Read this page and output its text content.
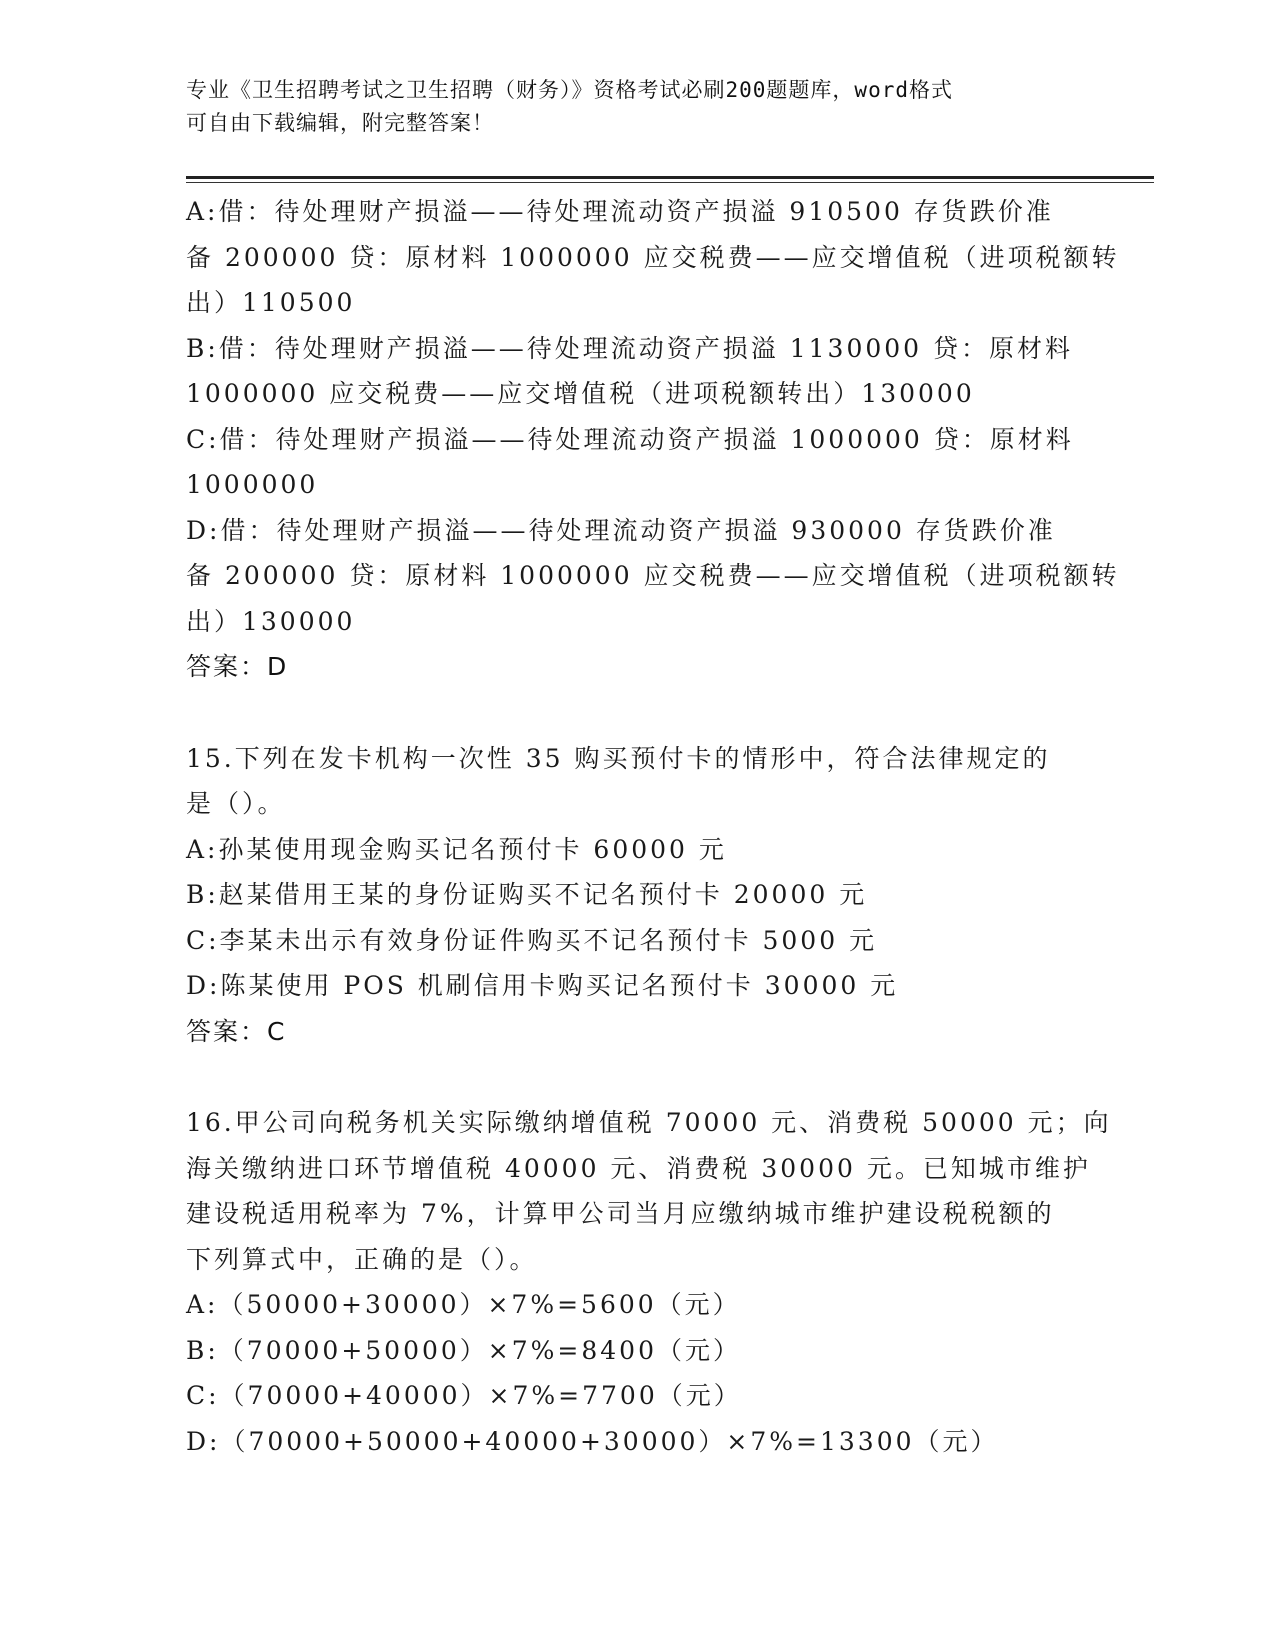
专业《卫生招聘考试之卫生招聘（财务）》资格考试必刷200题题库，word格式
可自由下载编辑，附完整答案！
A:借：待处理财产损溢——待处理流动资产损溢 910500 存货跌价准
备 200000 贷：原材料 1000000 应交税费——应交增值税（进项税额转
出）110500
B:借：待处理财产损溢——待处理流动资产损溢 1130000 贷：原材料
1000000 应交税费——应交增值税（进项税额转出）130000
C:借：待处理财产损溢——待处理流动资产损溢 1000000 贷：原材料
1000000
D:借：待处理财产损溢——待处理流动资产损溢 930000 存货跌价准
备 200000 贷：原材料 1000000 应交税费——应交增值税（进项税额转
出）130000
答案：D
15.下列在发卡机构一次性 35 购买预付卡的情形中，符合法律规定的
是（）。
A:孙某使用现金购买记名预付卡 60000 元
B:赵某借用王某的身份证购买不记名预付卡 20000 元
C:李某未出示有效身份证件购买不记名预付卡 5000 元
D:陈某使用 POS 机刷信用卡购买记名预付卡 30000 元
答案：C
16.甲公司向税务机关实际缴纳增值税 70000 元、消费税 50000 元；向
海关缴纳进口环节增值税 40000 元、消费税 30000 元。已知城市维护
建设税适用税率为 7%，计算甲公司当月应缴纳城市维护建设税税额的
下列算式中，正确的是（）。
A:（50000+30000）×7%=5600（元）
B:（70000+50000）×7%=8400（元）
C:（70000+40000）×7%=7700（元）
D:（70000+50000+40000+30000）×7%=13300（元）
